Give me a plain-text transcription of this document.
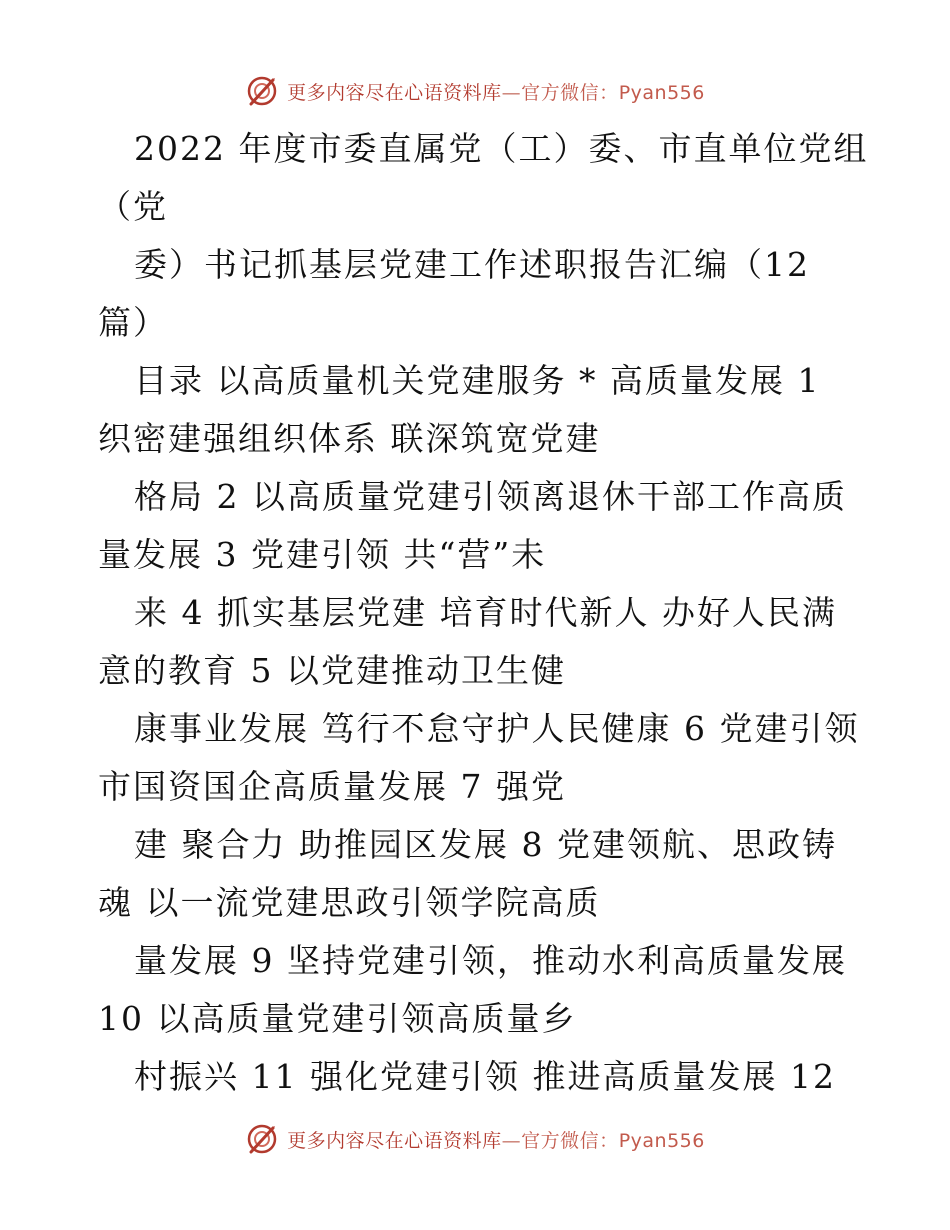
更多内容尽在心语资料库—官方微信：Pyan556
2022 年度市委直属党（工）委、市直单位党组
（党
委）书记抓基层党建工作述职报告汇编（12
篇）
目录 以高质量机关党建服务 * 高质量发展 1
织密建强组织体系 联深筑宽党建
格局 2 以高质量党建引领离退休干部工作高质
量发展 3 党建引领 共“营”未
来 4 抓实基层党建 培育时代新人 办好人民满
意的教育 5 以党建推动卫生健
康事业发展 笃行不怠守护人民健康 6 党建引领
市国资国企高质量发展 7 强党
建 聚合力 助推园区发展 8 党建领航、思政铸
魂 以一流党建思政引领学院高质
量发展 9 坚持党建引领，推动水利高质量发展
10 以高质量党建引领高质量乡
村振兴 11 强化党建引领 推进高质量发展 12
更多内容尽在心语资料库—官方微信：Pyan556
